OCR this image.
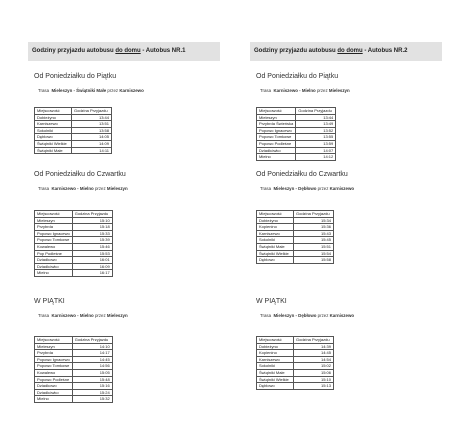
Godziny przyjazdu autobusu do domu - Autobus NR.1
Od Poniedziałku do Piątku
Trasa Mieleszyn - Świątniki Małe przez Karniszewo
Miejscowość	Godzina Przyjazdu
Dobieżyno	13:44
Karniszewo	13:51
Sokolniki	13:58
Dęblowo	14:05
Świątniki Wielkie	14:09
Świątniki Małe	14:11
Od Poniedziałku do Czwartku
Trasa Karniszewo - Mielno przez Mieleszyn
Miejscowość	Godzina Przyjazdu
Mieleszyn	15:10
Przybrda	15:18
Popowo Ignacewo	15:33
Popowo Tomkowe	15:39
Kowalewo	15:46
Pop Podleśne	15:53
Dziadkowo	16:01
Dziadkówko	16:09
Mielno	16:17
W PIĄTKI
Trasa Karniszewo - Mielno przez Mieleszyn
Miejscowość	Godzina Przyjazdu
Mieleszyn	14:10
Przybrda	14:17
Popowo Ignacewo	14:45
Popowo Tomkowe	14:56
Kowalewo	15:05
Popowo Podleśne	15:48
Dziadkowo	15:16
Dziadkówko	15:24
Mielno	15:32
Godziny przyjazdu autobusu do domu - Autobus NR.2
Od Poniedziałku do Piątku
Trasa Karniszewo - Mielno przez Mieleszyn
Miejscowość	Godzina Przyjazdu
Mieleszyn	13:44
Przybrda Świeńska	13:49
Popowo Ignacewo	13:52
Popowo Tomkowe	13:55
Popowo Podleśne	13:59
Dziadkówko	14:07
Mielno	14:12
Od Poniedziałku do Czwartku
Trasa Mieleszyn - Dębłowo przez Karniszewo
Miejscowość	Godzina Przyjazdu
Dobieżyno	15:34
Kopienino	15:36
Karniszewo	15:43
Sokolniki	15:45
Świątniki Małe	15:51
Świątniki Wielkie	15:54
Dęblowo	15:58
W PIĄTKI
Trasa Mieleszyn - Dębłowo przez Karniszewo
Miejscowość	Godzina Przyjazdu
Dobieżyno	14:39
Kopienino	14:45
Karniszewo	14:54
Sokolniki	15:02
Świątniki Małe	15:06
Świątniki Wielkie	15:10
Dęblowo	15:13
